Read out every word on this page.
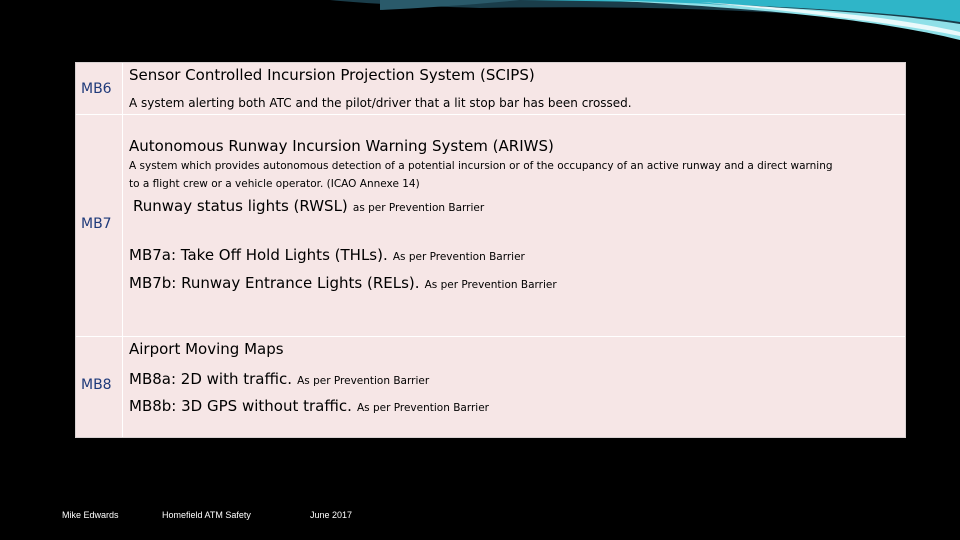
MB6
Sensor Controlled Incursion Projection System (SCIPS)
A system alerting both ATC and the pilot/driver that a lit stop bar has been crossed.
MB7
Autonomous Runway Incursion Warning System (ARIWS)
A system which provides autonomous detection of a potential incursion or of the occupancy of an active runway and a direct warning
to a flight crew or a vehicle operator. (ICAO Annexe 14)
Runway status lights (RWSL) as per Prevention Barrier
MB7a: Take Off Hold Lights (THLs). As per Prevention Barrier
MB7b: Runway Entrance Lights (RELs). As per Prevention Barrier
MB8
Airport Moving Maps
MB8a: 2D with traffic. As per Prevention Barrier
MB8b: 3D GPS without traffic. As per Prevention Barrier
Mike Edwards	Homefield ATM Safety	June 2017
